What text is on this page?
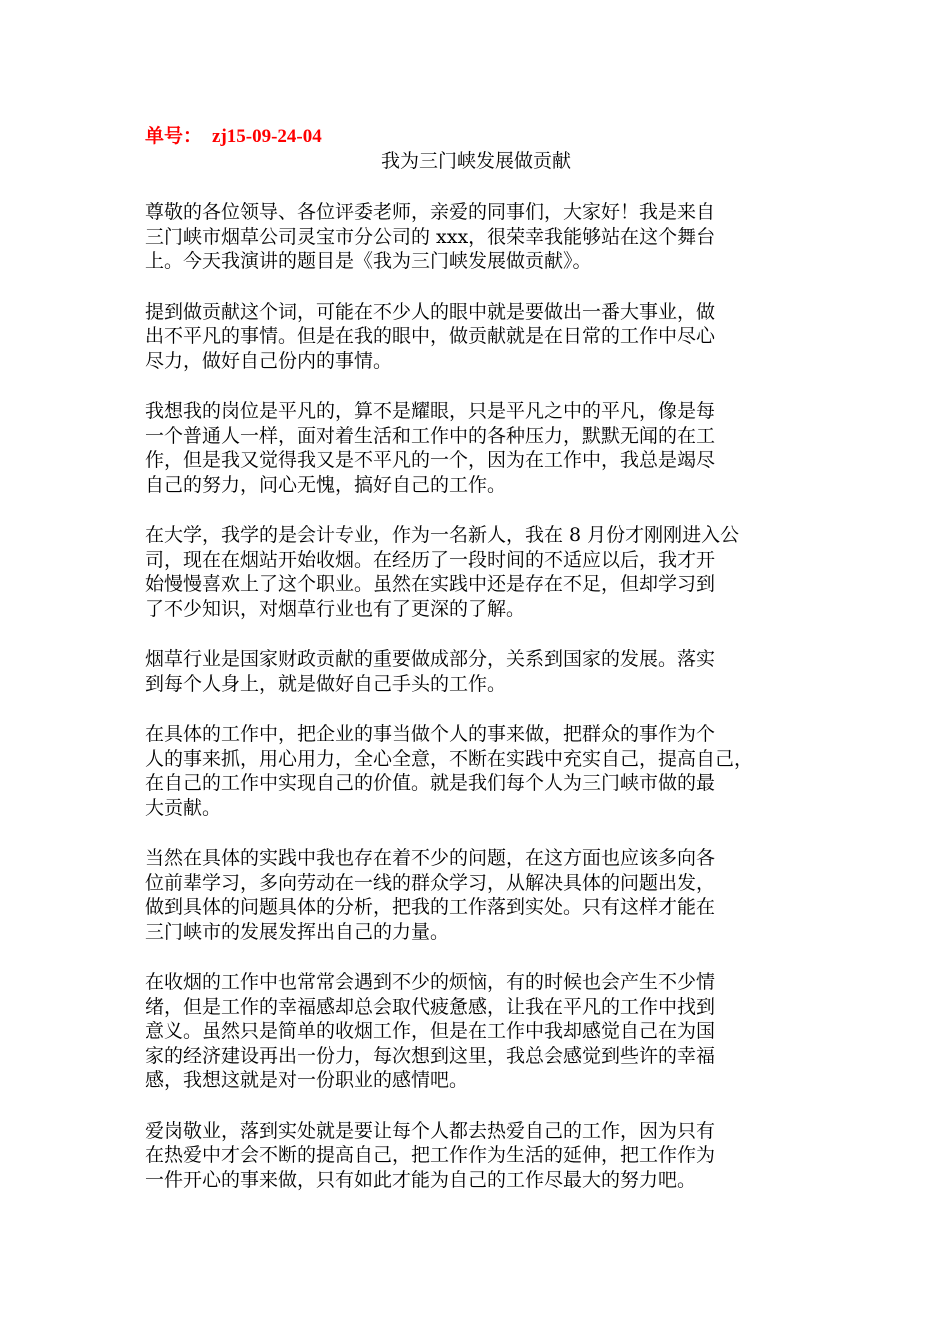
单号： zj15-09-24-04
我为三门峡发展做贡献

尊敬的各位领导、各位评委老师，亲爱的同事们，大家好！我是来自
三门峡市烟草公司灵宝市分公司的 xxx，很荣幸我能够站在这个舞台
上。今天我演讲的题目是《我为三门峡发展做贡献》。

提到做贡献这个词，可能在不少人的眼中就是要做出一番大事业，做
出不平凡的事情。但是在我的眼中，做贡献就是在日常的工作中尽心
尽力，做好自己份内的事情。

我想我的岗位是平凡的，算不是耀眼，只是平凡之中的平凡，像是每
一个普通人一样，面对着生活和工作中的各种压力，默默无闻的在工
作，但是我又觉得我又是不平凡的一个，因为在工作中，我总是竭尽
自己的努力，问心无愧，搞好自己的工作。

在大学，我学的是会计专业，作为一名新人，我在 8 月份才刚刚进入公
司，现在在烟站开始收烟。在经历了一段时间的不适应以后，我才开
始慢慢喜欢上了这个职业。虽然在实践中还是存在不足，但却学习到
了不少知识，对烟草行业也有了更深的了解。

烟草行业是国家财政贡献的重要做成部分，关系到国家的发展。落实
到每个人身上，就是做好自己手头的工作。

在具体的工作中，把企业的事当做个人的事来做，把群众的事作为个
人的事来抓，用心用力，全心全意，不断在实践中充实自己，提高自己，
在自己的工作中实现自己的价值。就是我们每个人为三门峡市做的最
大贡献。

当然在具体的实践中我也存在着不少的问题，在这方面也应该多向各
位前辈学习，多向劳动在一线的群众学习，从解决具体的问题出发，
做到具体的问题具体的分析，把我的工作落到实处。只有这样才能在
三门峡市的发展发挥出自己的力量。

在收烟的工作中也常常会遇到不少的烦恼，有的时候也会产生不少情
绪，但是工作的幸福感却总会取代疲惫感，让我在平凡的工作中找到
意义。虽然只是简单的收烟工作，但是在工作中我却感觉自己在为国
家的经济建设再出一份力，每次想到这里，我总会感觉到些许的幸福
感，我想这就是对一份职业的感情吧。

爱岗敬业，落到实处就是要让每个人都去热爱自己的工作，因为只有
在热爱中才会不断的提高自己，把工作作为生活的延伸，把工作作为
一件开心的事来做，只有如此才能为自己的工作尽最大的努力吧。
